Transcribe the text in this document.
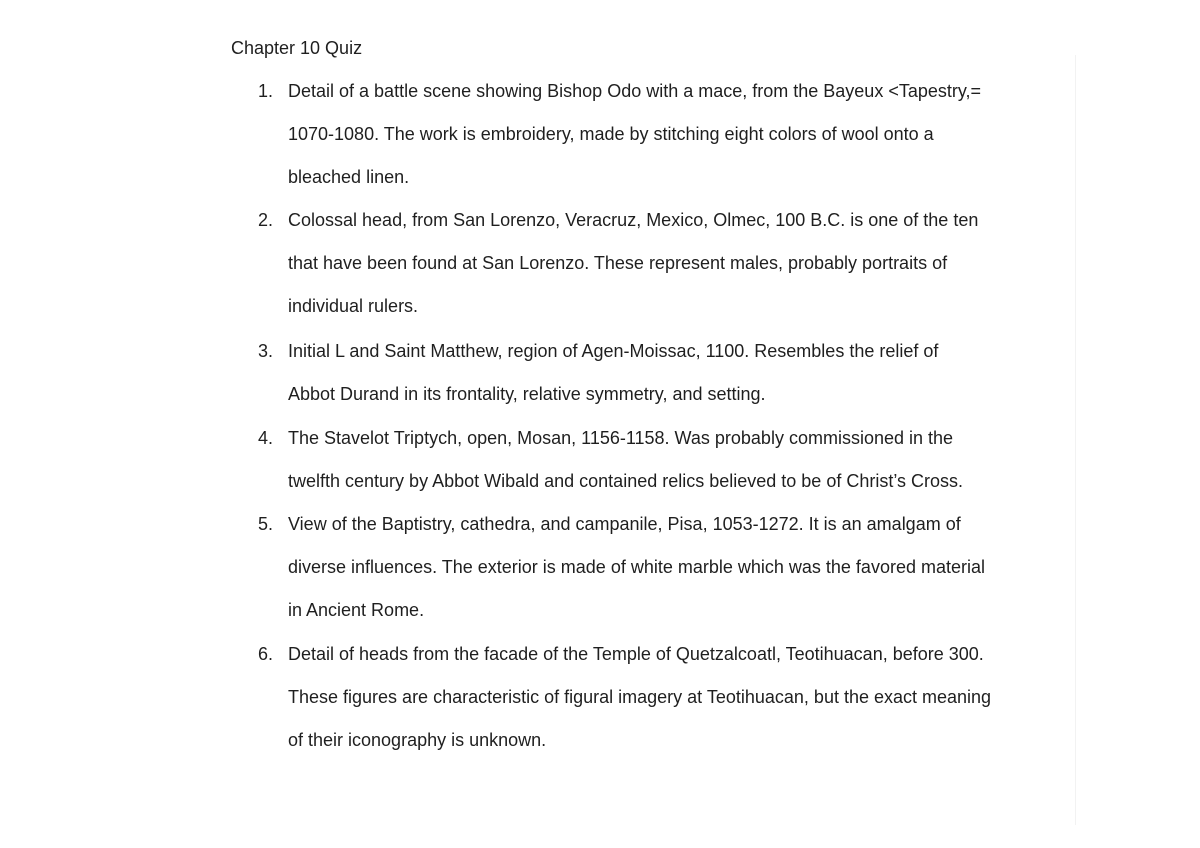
Chapter 10 Quiz
1. Detail of a battle scene showing Bishop Odo with a mace, from the Bayeux <Tapestry,=
1070-1080. The work is embroidery, made by stitching eight colors of wool onto a
bleached linen.
2. Colossal head, from San Lorenzo, Veracruz, Mexico, Olmec, 100 B.C. is one of the ten
that have been found at San Lorenzo. These represent males, probably portraits of
individual rulers.
3. Initial L and Saint Matthew, region of Agen-Moissac, 1100. Resembles the relief of
Abbot Durand in its frontality, relative symmetry, and setting.
4. The Stavelot Triptych, open, Mosan, 1156-1158. Was probably commissioned in the
twelfth century by Abbot Wibald and contained relics believed to be of Christ’s Cross.
5. View of the Baptistry, cathedra, and campanile, Pisa, 1053-1272. It is an amalgam of
diverse influences. The exterior is made of white marble which was the favored material
in Ancient Rome.
6. Detail of heads from the facade of the Temple of Quetzalcoatl, Teotihuacan, before 300.
These figures are characteristic of figural imagery at Teotihuacan, but the exact meaning
of their iconography is unknown.
